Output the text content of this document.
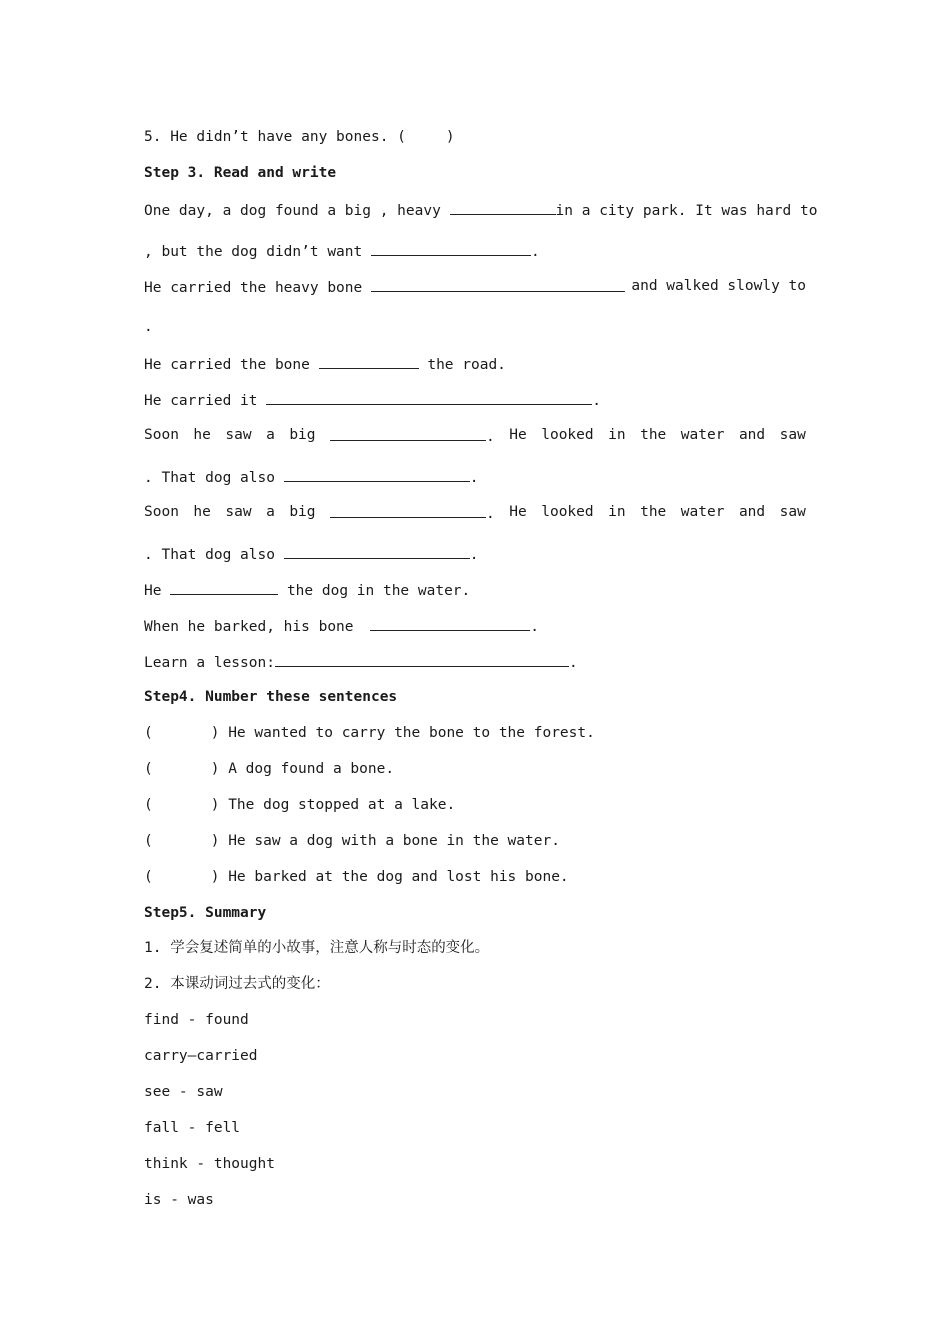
5. He didn’t have any bones. (	)
Step 3. Read and write
One day, a dog found a big , heavy	in a city park. It was hard to
, but the dog didn’t want	.
He carried the heavy bone	and walked slowly to
.
He carried the bone	the road.
He carried it	.
Soon he saw a big	. He looked in the water and saw
. That dog also	.
Soon he saw a big	. He looked in the water and saw
. That dog also	.
He	the dog in the water.
When he barked, his bone	.
Learn a lesson:	.
Step4. Number these sentences
(	) He wanted to carry the bone to the forest.
(	) A dog found a bone.
(	) The dog stopped at a lake.
(	) He saw a dog with a bone in the water.
(	) He barked at the dog and lost his bone.
Step5. Summary
1. 学会复述简单的小故事，注意人称与时态的变化。
2. 本课动词过去式的变化：
find - found
carry—carried
see - saw
fall - fell
think - thought
is - was
